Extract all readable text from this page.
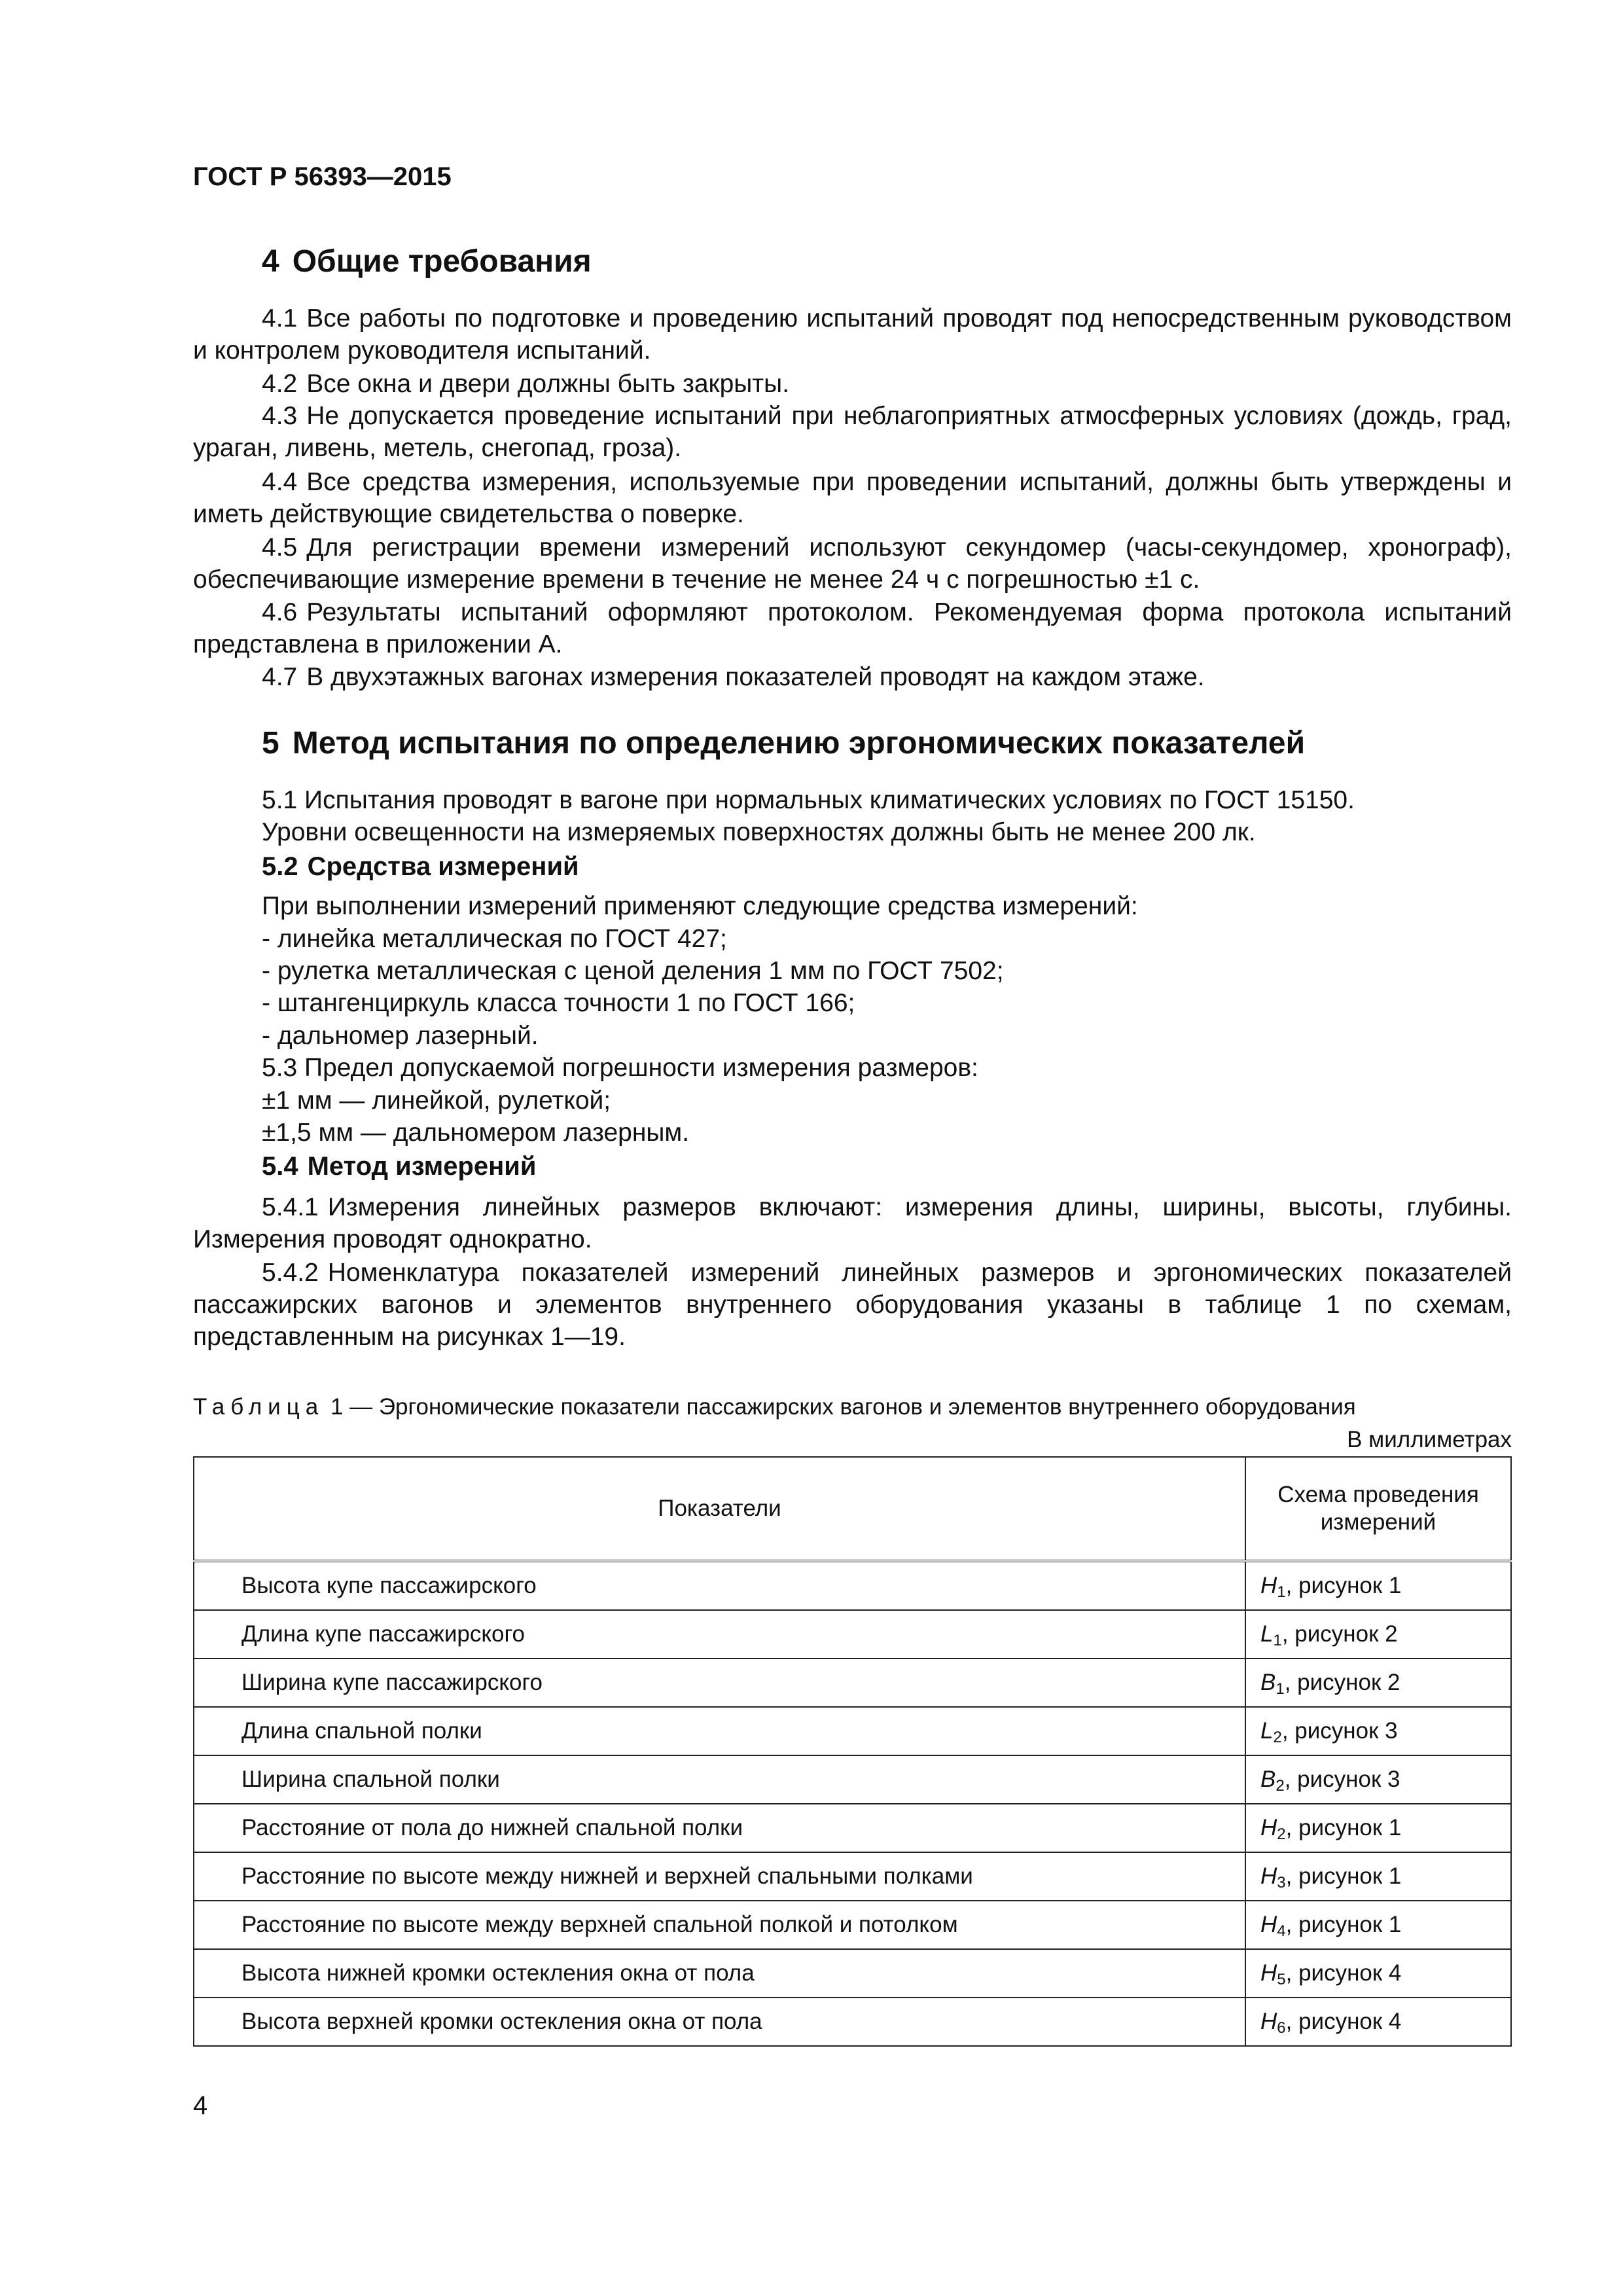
ГОСТ Р 56393—2015
4 Общие требования
4.1 Все работы по подготовке и проведению испытаний проводят под непосредственным руководством и контролем руководителя испытаний.
4.2 Все окна и двери должны быть закрыты.
4.3 Не допускается проведение испытаний при неблагоприятных атмосферных условиях (дождь, град, ураган, ливень, метель, снегопад, гроза).
4.4 Все средства измерения, используемые при проведении испытаний, должны быть утверждены и иметь действующие свидетельства о поверке.
4.5 Для регистрации времени измерений используют секундомер (часы-секундомер, хронограф), обеспечивающие измерение времени в течение не менее 24 ч с погрешностью ±1 с.
4.6 Результаты испытаний оформляют протоколом. Рекомендуемая форма протокола испытаний представлена в приложении А.
4.7 В двухэтажных вагонах измерения показателей проводят на каждом этаже.
5 Метод испытания по определению эргономических показателей
5.1 Испытания проводят в вагоне при нормальных климатических условиях по ГОСТ 15150.
Уровни освещенности на измеряемых поверхностях должны быть не менее 200 лк.
5.2 Средства измерений
При выполнении измерений применяют следующие средства измерений:
- линейка металлическая по ГОСТ 427;
- рулетка металлическая с ценой деления 1 мм по ГОСТ 7502;
- штангенциркуль класса точности 1 по ГОСТ 166;
- дальномер лазерный.
5.3 Предел допускаемой погрешности измерения размеров:
±1 мм — линейкой, рулеткой;
±1,5 мм — дальномером лазерным.
5.4 Метод измерений
5.4.1 Измерения линейных размеров включают: измерения длины, ширины, высоты, глубины. Измерения проводят однократно.
5.4.2 Номенклатура показателей измерений линейных размеров и эргономических показателей пассажирских вагонов и элементов внутреннего оборудования указаны в таблице 1 по схемам, представленным на рисунках 1—19.
Таблица 1 — Эргономические показатели пассажирских вагонов и элементов внутреннего оборудования
В миллиметрах
Показатели	Схема проведения измерений

Высота купе пассажирского	$H_1$, рисунок 1
Длина купе пассажирского	$L_1$, рисунок 2
Ширина купе пассажирского	$B_1$, рисунок 2
Длина спальной полки	$L_2$, рисунок 3
Ширина спальной полки	$B_2$, рисунок 3
Расстояние от пола до нижней спальной полки	$H_2$, рисунок 1
Расстояние по высоте между нижней и верхней спальными полками	$H_3$, рисунок 1
Расстояние по высоте между верхней спальной полкой и потолком	$H_4$, рисунок 1
Высота нижней кромки остекления окна от пола	$H_5$, рисунок 4
Высота верхней кромки остекления окна от пола	$H_6$, рисунок 4
4
